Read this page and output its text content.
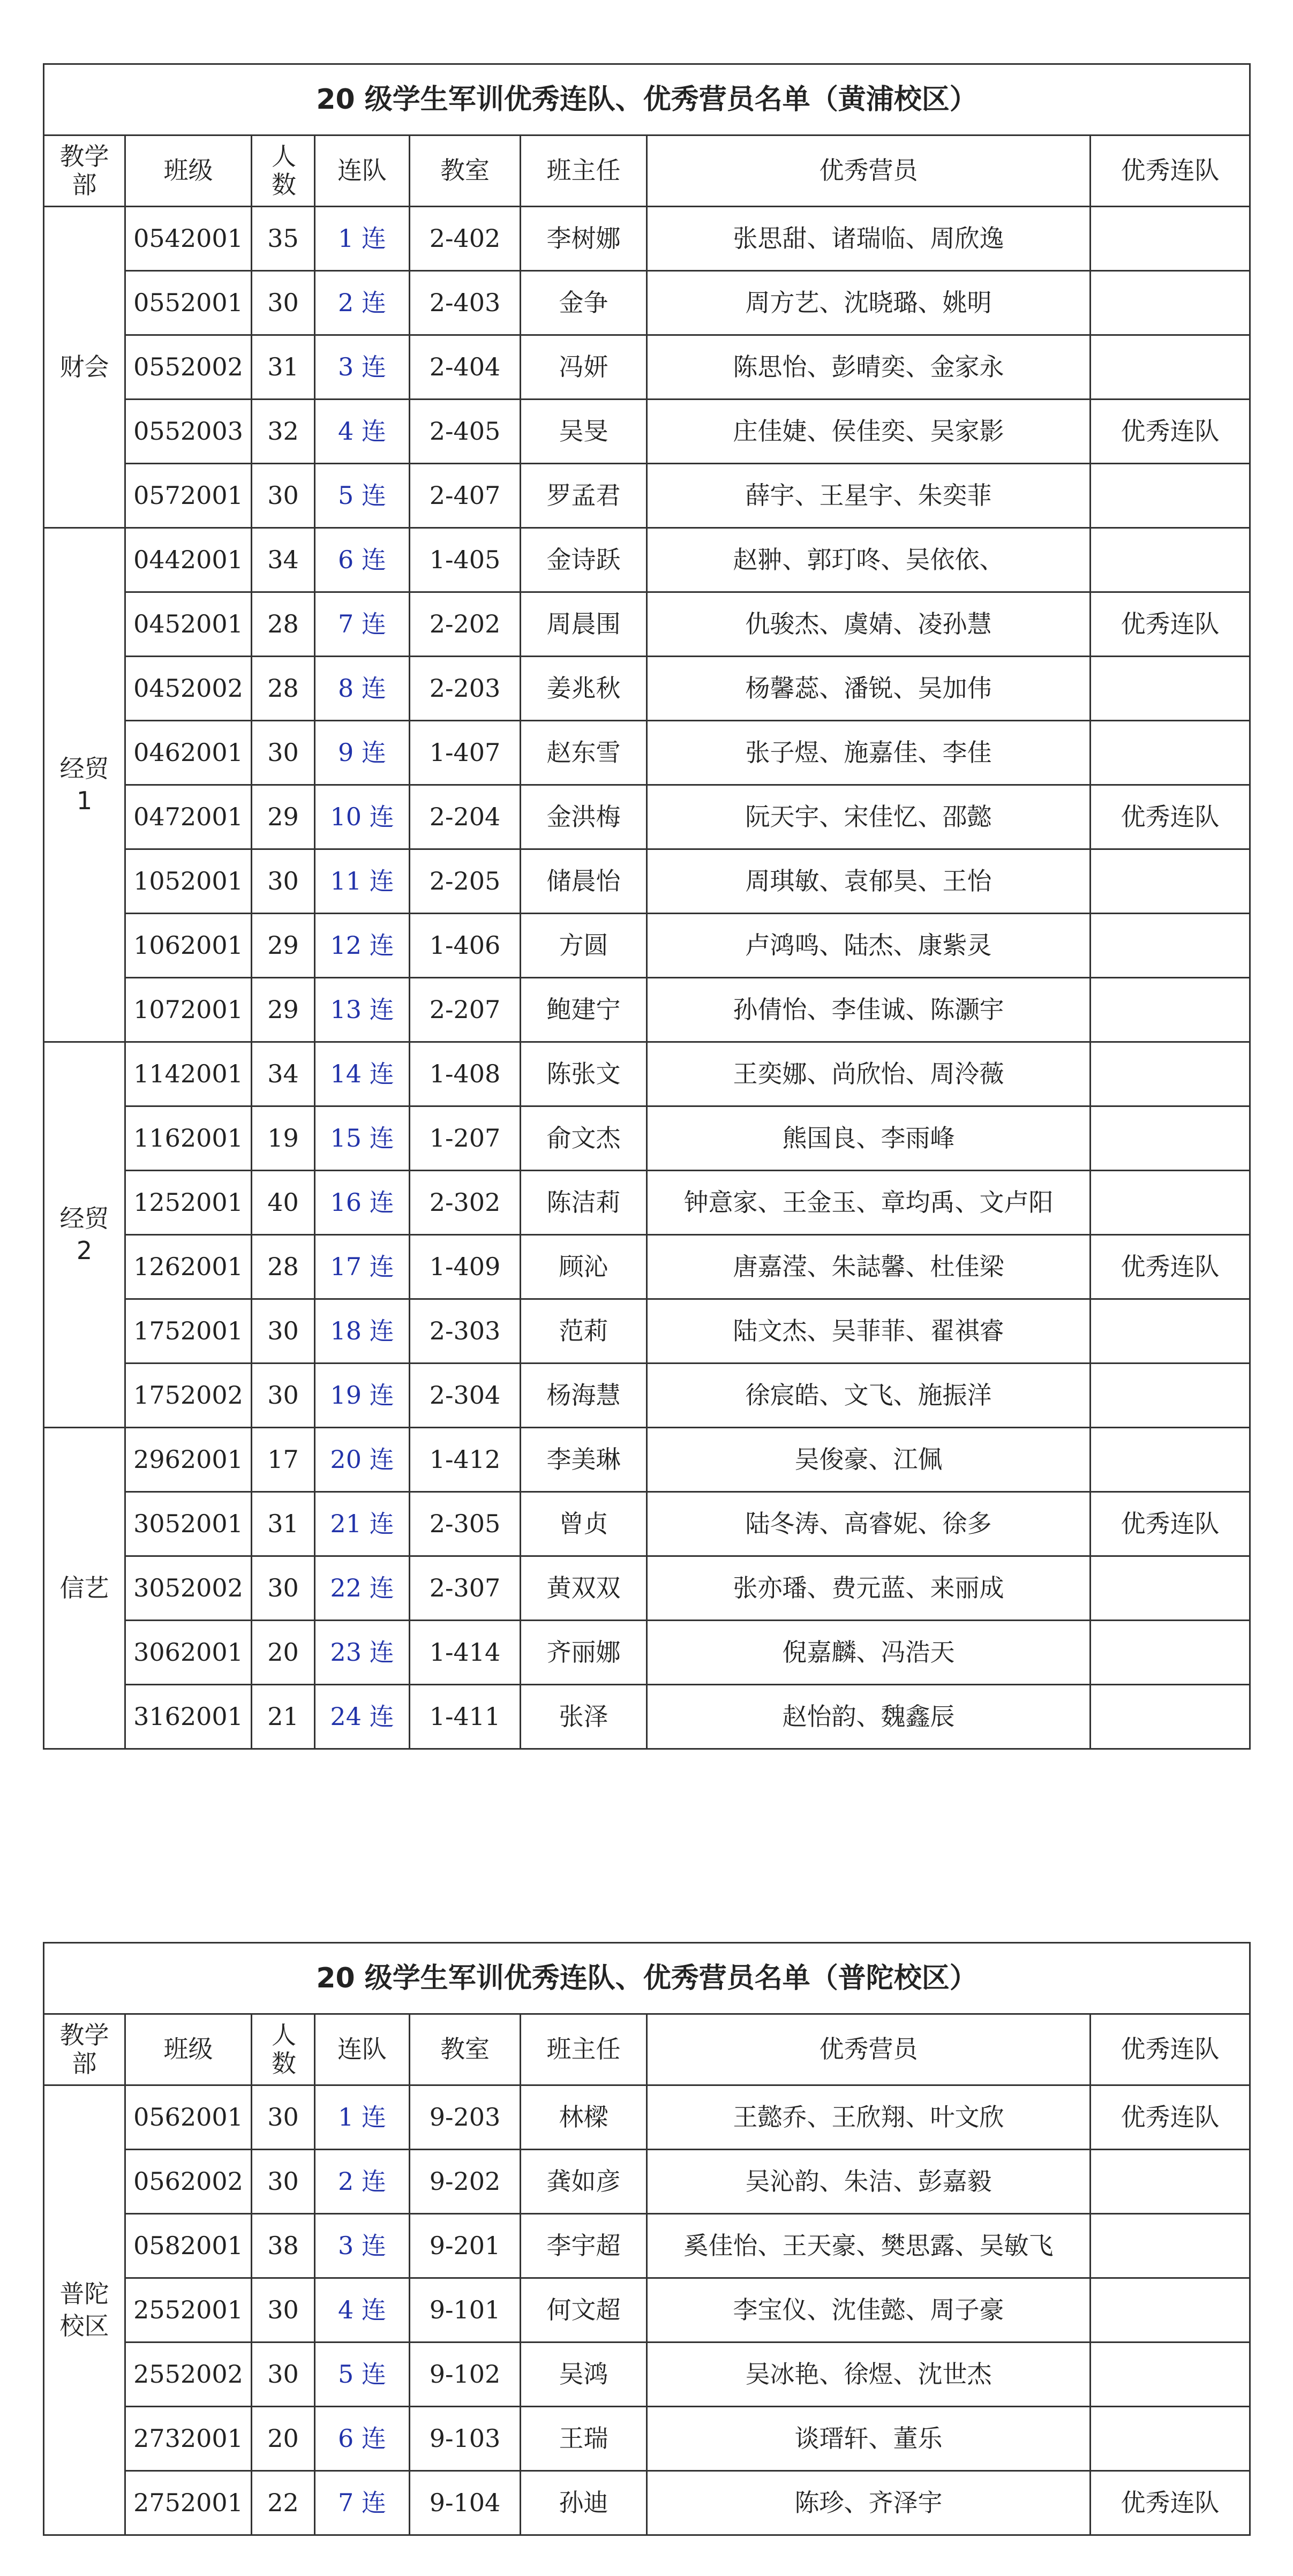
20 级学生军训优秀连队、优秀营员名单（黄浦校区）							
教学部	班级	人数	连队	教室	班主任	优秀营员	优秀连队
财会	0542001	35	1 连	2-402	李树娜	张思甜、诸瑞临、周欣逸	
	0552001	30	2 连	2-403	金争	周方艺、沈晓璐、姚明	
	0552002	31	3 连	2-404	冯妍	陈思怡、彭晴奕、金家永	
	0552003	32	4 连	2-405	吴旻	庄佳婕、侯佳奕、吴家影	优秀连队
	0572001	30	5 连	2-407	罗孟君	薛宇、王星宇、朱奕菲	
经贸1	0442001	34	6 连	1-405	金诗跃	赵翀、郭玎咚、吴依依、	
	0452001	28	7 连	2-202	周晨围	仇骏杰、虞婧、凌孙慧	优秀连队
	0452002	28	8 连	2-203	姜兆秋	杨馨蕊、潘锐、吴加伟	
	0462001	30	9 连	1-407	赵东雪	张子煜、施嘉佳、李佳	
	0472001	29	10 连	2-204	金洪梅	阮天宇、宋佳忆、邵懿	优秀连队
	1052001	30	11 连	2-205	储晨怡	周琪敏、袁郁昊、王怡	
	1062001	29	12 连	1-406	方圆	卢鸿鸣、陆杰、康紫灵	
	1072001	29	13 连	2-207	鲍建宁	孙倩怡、李佳诚、陈灏宇	
经贸2	1142001	34	14 连	1-408	陈张文	王奕娜、尚欣怡、周泠薇	
	1162001	19	15 连	1-207	俞文杰	熊国良、李雨峰	
	1252001	40	16 连	2-302	陈洁莉	钟意家、王金玉、章均禹、文卢阳	
	1262001	28	17 连	1-409	顾沁	唐嘉滢、朱誌馨、杜佳梁	优秀连队
	1752001	30	18 连	2-303	范莉	陆文杰、吴菲菲、翟祺睿	
	1752002	30	19 连	2-304	杨海慧	徐宸皓、文飞、施振洋	
信艺	2962001	17	20 连	1-412	李美琳	吴俊豪、江佩	
	3052001	31	21 连	2-305	曾贞	陆冬涛、高睿妮、徐多	优秀连队
	3052002	30	22 连	2-307	黄双双	张亦璠、费元蓝、来丽成	
	3062001	20	23 连	1-414	齐丽娜	倪嘉麟、冯浩天	
	3162001	21	24 连	1-411	张泽	赵怡韵、魏鑫辰	
20 级学生军训优秀连队、优秀营员名单（普陀校区）							
教学部	班级	人数	连队	教室	班主任	优秀营员	优秀连队
普陀校区	0562001	30	1 连	9-203	林樑	王懿乔、王欣翔、叶文欣	优秀连队
	0562002	30	2 连	9-202	龚如彦	吴沁韵、朱洁、彭嘉毅	
	0582001	38	3 连	9-201	李宇超	奚佳怡、王天豪、樊思露、吴敏飞	
	2552001	30	4 连	9-101	何文超	李宝仪、沈佳懿、周子豪	
	2552002	30	5 连	9-102	吴鸿	吴冰艳、徐煜、沈世杰	
	2732001	20	6 连	9-103	王瑞	谈瑨轩、董乐	
	2752001	22	7 连	9-104	孙迪	陈珍、齐泽宇	优秀连队
